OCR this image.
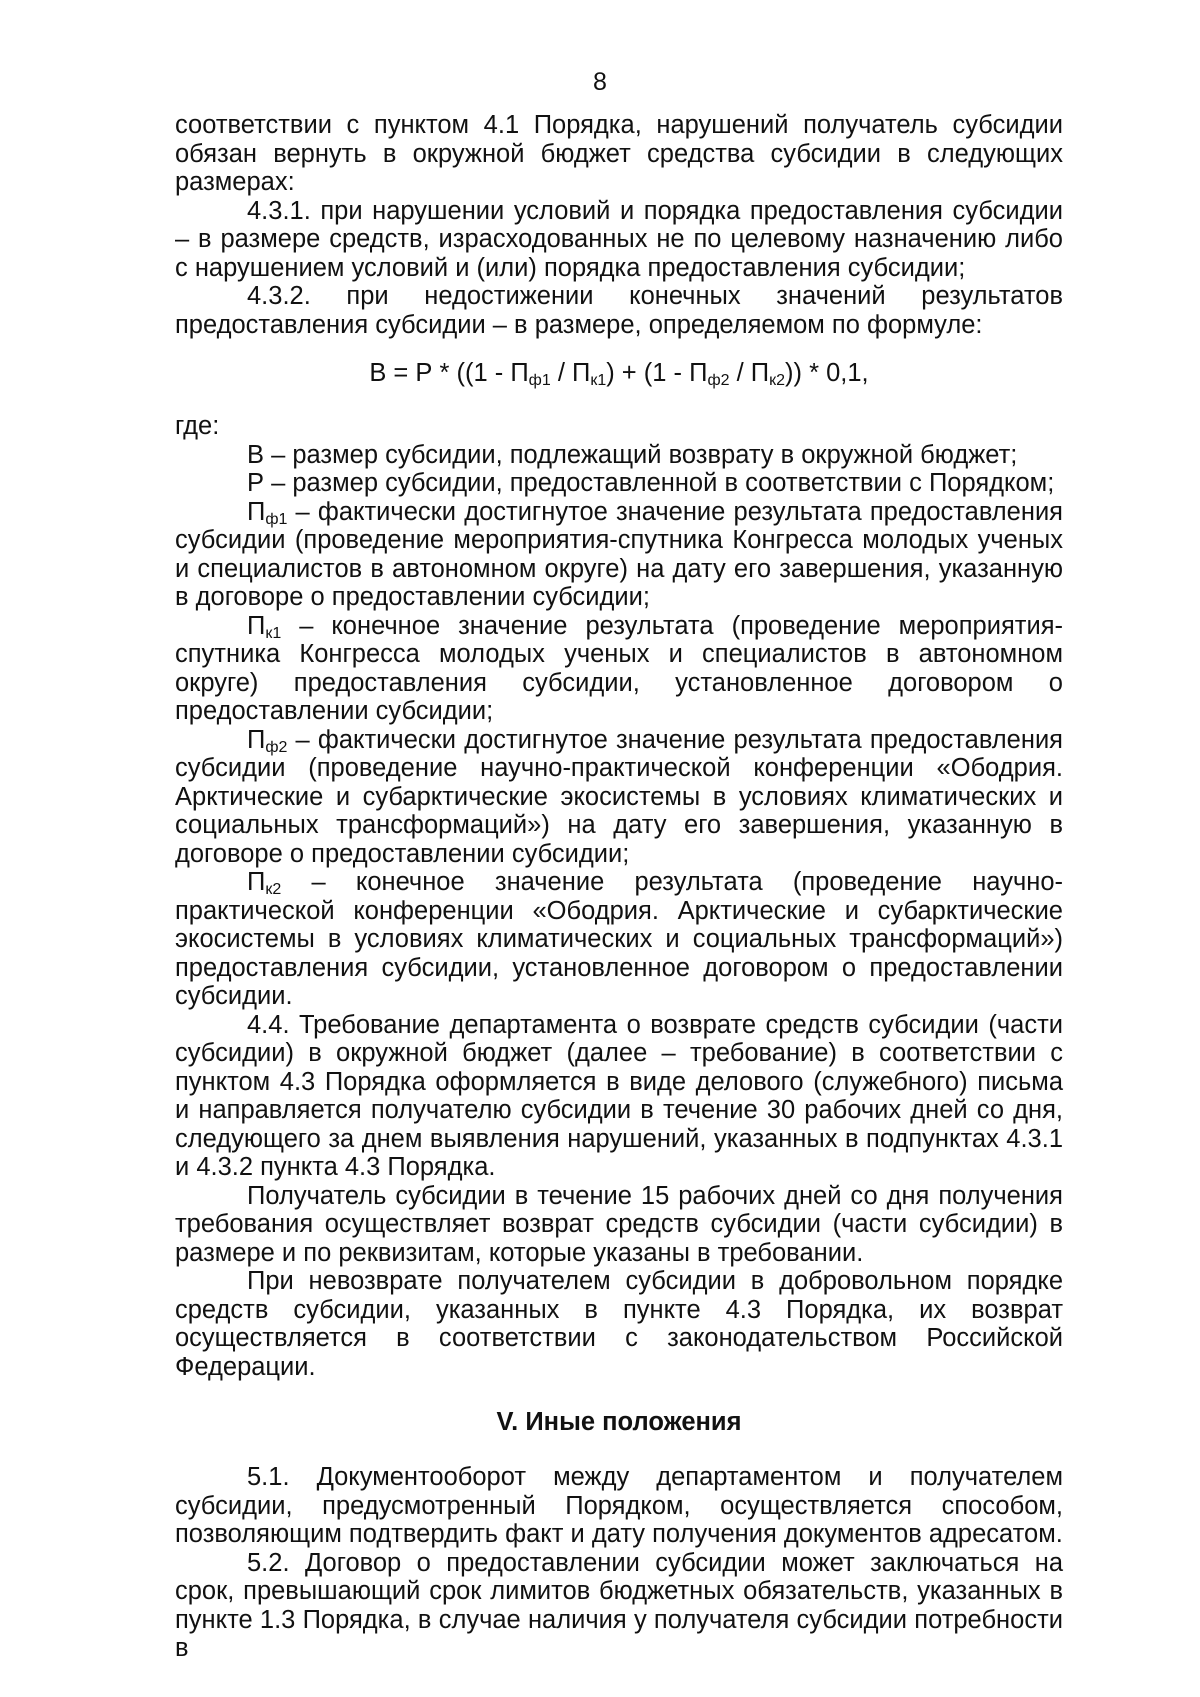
8

соответствии с пунктом 4.1 Порядка, нарушений получатель субсидии обязан вернуть в окружной бюджет средства субсидии в следующих размерах:

4.3.1. при нарушении условий и порядка предоставления субсидии – в размере средств, израсходованных не по целевому назначению либо с нарушением условий и (или) порядка предоставления субсидии;

4.3.2. при недостижении конечных значений результатов предоставления субсидии – в размере, определяемом по формуле:

$В = Р * ((1 - П_{ф1} / П_{к1}) + (1 - П_{ф2} / П_{к2})) * 0,1$,

где:

В – размер субсидии, подлежащий возврату в окружной бюджет;

Р – размер субсидии, предоставленной в соответствии с Порядком;

$П_{ф1}$ – фактически достигнутое значение результата предоставления субсидии (проведение мероприятия-спутника Конгресса молодых ученых и специалистов в автономном округе) на дату его завершения, указанную в договоре о предоставлении субсидии;

$П_{к1}$ – конечное значение результата (проведение мероприятия-спутника Конгресса молодых ученых и специалистов в автономном округе) предоставления субсидии, установленное договором о предоставлении субсидии;

$П_{ф2}$ – фактически достигнутое значение результата предоставления субсидии (проведение научно-практической конференции «Ободрия. Арктические и субарктические экосистемы в условиях климатических и социальных трансформаций») на дату его завершения, указанную в договоре о предоставлении субсидии;

$П_{к2}$ – конечное значение результата (проведение научно-практической конференции «Ободрия. Арктические и субарктические экосистемы в условиях климатических и социальных трансформаций») предоставления субсидии, установленное договором о предоставлении субсидии.

4.4. Требование департамента о возврате средств субсидии (части субсидии) в окружной бюджет (далее – требование) в соответствии с пунктом 4.3 Порядка оформляется в виде делового (служебного) письма и направляется получателю субсидии в течение 30 рабочих дней со дня, следующего за днем выявления нарушений, указанных в подпунктах 4.3.1 и 4.3.2 пункта 4.3 Порядка.

Получатель субсидии в течение 15 рабочих дней со дня получения требования осуществляет возврат средств субсидии (части субсидии) в размере и по реквизитам, которые указаны в требовании.

При невозврате получателем субсидии в добровольном порядке средств субсидии, указанных в пункте 4.3 Порядка, их возврат осуществляется в соответствии с законодательством Российской Федерации.

V. Иные положения

5.1. Документооборот между департаментом и получателем субсидии, предусмотренный Порядком, осуществляется способом, позволяющим подтвердить факт и дату получения документов адресатом.

5.2. Договор о предоставлении субсидии может заключаться на срок, превышающий срок лимитов бюджетных обязательств, указанных в пункте 1.3 Порядка, в случае наличия у получателя субсидии потребности в
